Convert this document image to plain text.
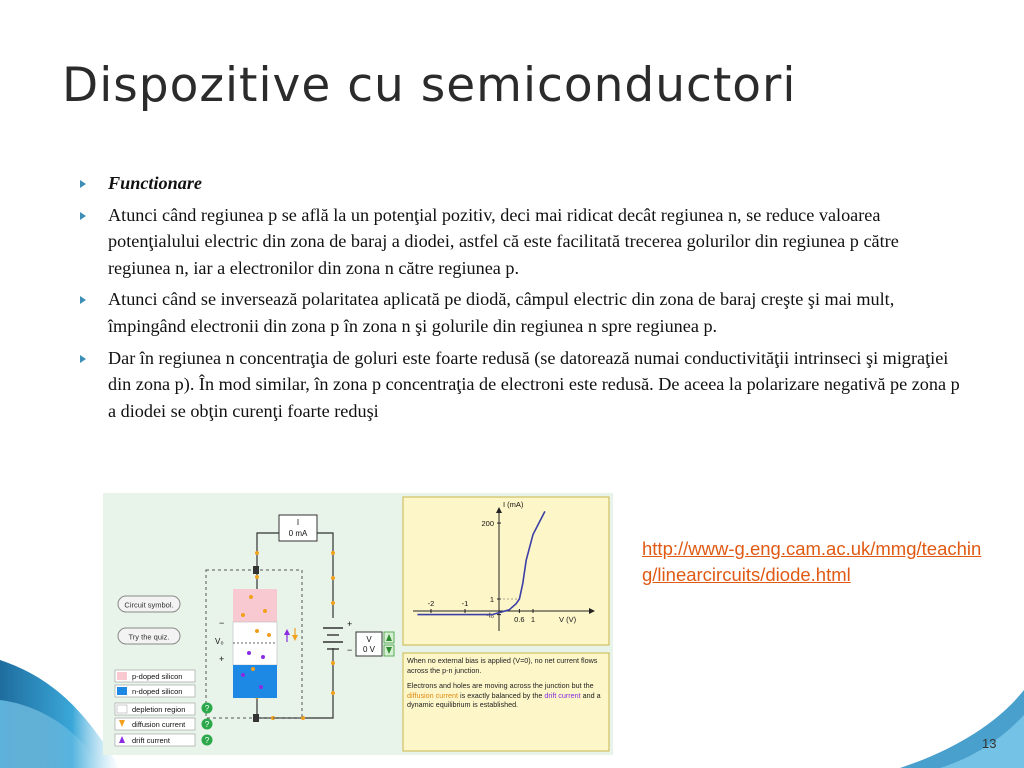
Dispozitive cu semiconductori
Functionare
Atunci când regiunea p se află la un potenţial pozitiv, deci mai ridicat decât regiunea n, se reduce valoarea potenţialului electric din zona de baraj a diodei, astfel că este facilitată trecerea golurilor din regiunea p către regiunea n, iar a electronilor din zona n către regiunea p.
Atunci când se inversează polaritatea aplicată pe diodă, câmpul electric din zona de baraj creşte şi mai mult, împingând electronii din zona p în zona n şi golurile din regiunea n spre regiunea p.
Dar în regiunea n concentraţia de goluri este foarte redusă (se datorează numai conductivităţii intrinseci şi migraţiei din zona p). În mod similar, în zona p concentraţia de electroni este redusă. De aceea la polarizare negativă pe zona p a diodei se obţin curenţi foarte reduşi
Circuit symbol.
Try the quiz.
I
0 mA
+
−
V
0 V
−
V₀
+
p-doped silicon
n-doped silicon
depletion region
diffusion current
drift current
?
?
?
I (mA)
V (V)
-2	-1
0.6 1
200
1
-I₀
When no external bias is applied (V=0), no net current flows across the p-n junction.
Electrons and holes are moving across the junction but the diffusion current is exactly balanced by the drift current and a dynamic equilibrium is established.
http://www-g.eng.cam.ac.uk/mmg/teaching/linearcircuits/diode.html
13
